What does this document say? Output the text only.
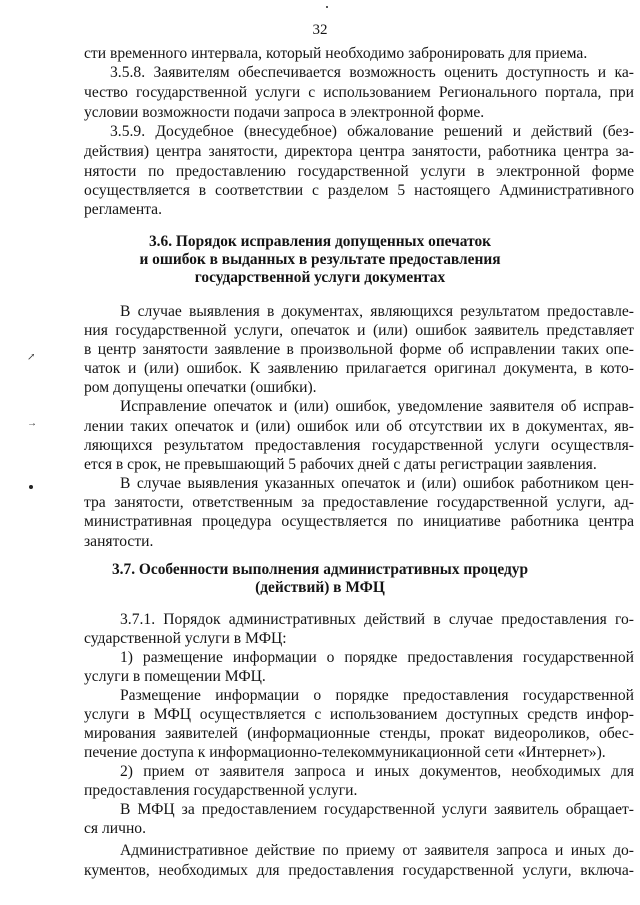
32
сти временного интервала, который необходимо забронировать для приема.
3.5.8. Заявителям обеспечивается возможность оценить доступность и ка-
чество государственной услуги с использованием Регионального портала, при
условии возможности подачи запроса в электронной форме.
3.5.9. Досудебное (внесудебное) обжалование решений и действий (без-
действия) центра занятости, директора центра занятости, работника центра за-
нятости по предоставлению государственной услуги в электронной форме
осуществляется в соответствии с разделом 5 настоящего Административного
регламента.
3.6. Порядок исправления допущенных опечаток
и ошибок в выданных в результате предоставления
государственной услуги документах
В случае выявления в документах, являющихся результатом предоставле-
ния государственной услуги, опечаток и (или) ошибок заявитель представляет
в центр занятости заявление в произвольной форме об исправлении таких опе-
чаток и (или) ошибок. К заявлению прилагается оригинал документа, в кото-
ром допущены опечатки (ошибки).
Исправление опечаток и (или) ошибок, уведомление заявителя об исправ-
лении таких опечаток и (или) ошибок или об отсутствии их в документах, яв-
ляющихся результатом предоставления государственной услуги осуществля-
ется в срок, не превышающий 5 рабочих дней с даты регистрации заявления.
В случае выявления указанных опечаток и (или) ошибок работником цен-
тра занятости, ответственным за предоставление государственной услуги, ад-
министративная процедура осуществляется по инициативе работника центра
занятости.
3.7. Особенности выполнения административных процедур
(действий) в МФЦ
3.7.1. Порядок административных действий в случае предоставления го-
сударственной услуги в МФЦ:
1) размещение информации о порядке предоставления государственной
услуги в помещении МФЦ.
Размещение информации о порядке предоставления государственной
услуги в МФЦ осуществляется с использованием доступных средств инфор-
мирования заявителей (информационные стенды, прокат видеороликов, обес-
печение доступа к информационно-телекоммуникационной сети «Интернет»).
2) прием от заявителя запроса и иных документов, необходимых для
предоставления государственной услуги.
В МФЦ за предоставлением государственной услуги заявитель обращает-
ся лично.
Административное действие по приему от заявителя запроса и иных до-
кументов, необходимых для предоставления государственной услуги, включа-
↗
→
